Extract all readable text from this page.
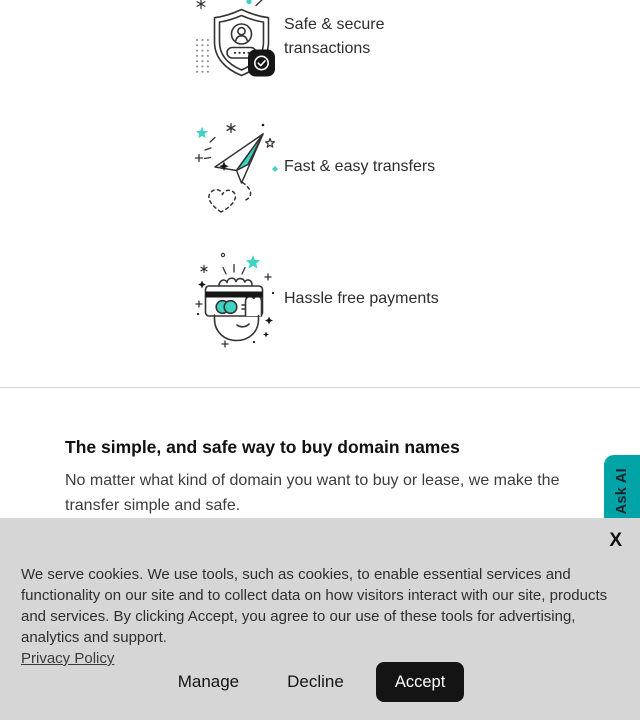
Safe & secure transactions
Fast & easy transfers
Hassle free payments
The simple, and safe way to buy domain names

No matter what kind of domain you want to buy or lease, we make the transfer simple and safe.	Ask AI
X

We serve cookies. We use tools, such as cookies, to enable essential services and functionality on our site and to collect data on how visitors interact with our site, products and services. By clicking Accept, you agree to our use of these tools for advertising, analytics and support.

Privacy Policy
Manage	Decline	Accept
